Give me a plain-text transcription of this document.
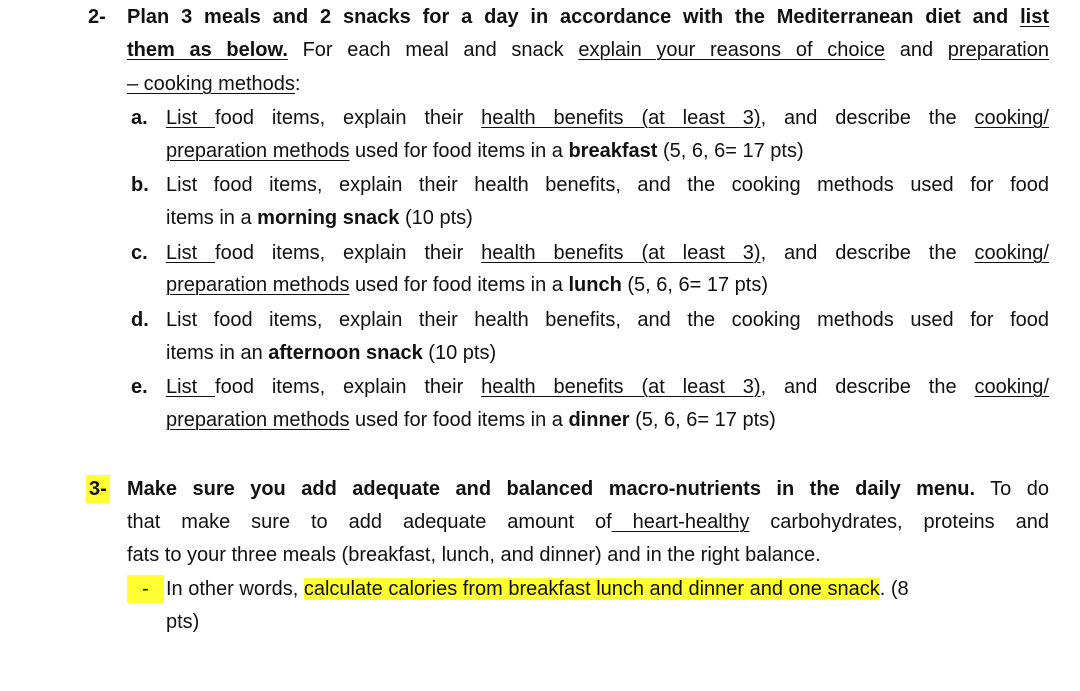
2- Plan 3 meals and 2 snacks for a day in accordance with the Mediterranean diet and list
them as below. For each meal and snack explain your reasons of choice and preparation
– cooking methods:
a. List food items, explain their health benefits (at least 3), and describe the cooking/
preparation methods used for food items in a breakfast (5, 6, 6= 17 pts)
b. List food items, explain their health benefits, and the cooking methods used for food
items in a morning snack (10 pts)
c. List food items, explain their health benefits (at least 3), and describe the cooking/
preparation methods used for food items in a lunch (5, 6, 6= 17 pts)
d. List food items, explain their health benefits, and the cooking methods used for food
items in an afternoon snack (10 pts)
e. List food items, explain their health benefits (at least 3), and describe the cooking/
preparation methods used for food items in a dinner (5, 6, 6= 17 pts)
3- Make sure you add adequate and balanced macro-nutrients in the daily menu. To do
that make sure to add adequate amount of heart-healthy carbohydrates, proteins and
fats to your three meals (breakfast, lunch, and dinner) and in the right balance.
- In other words, calculate calories from breakfast lunch and dinner and one snack. (8
pts)
